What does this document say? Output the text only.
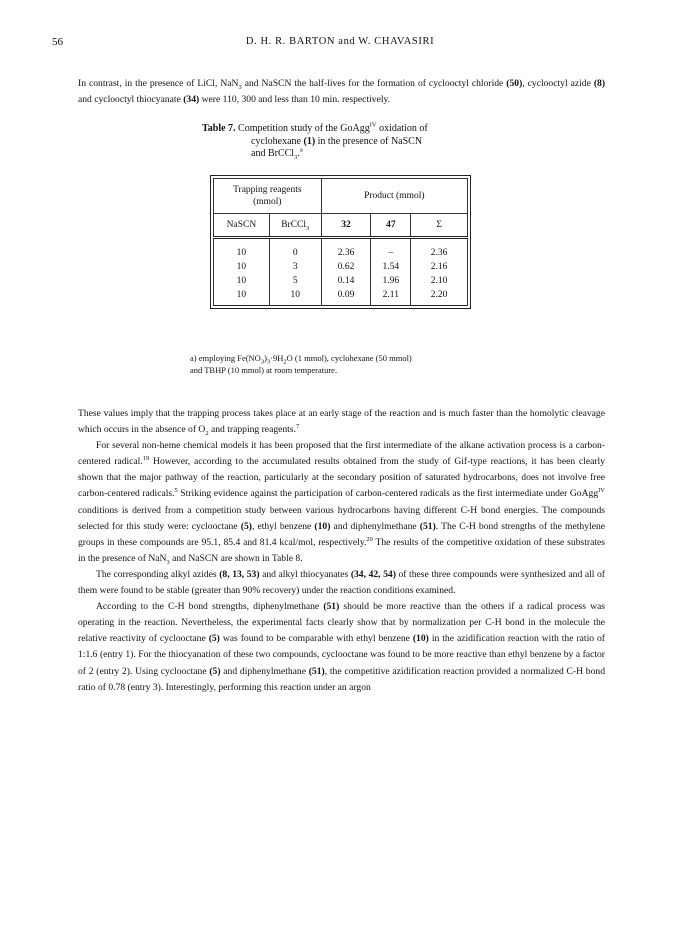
56	D. H. R. BARTON and W. CHAVASIRI

In contrast, in the presence of LiCl, NaN$_3$ and NaSCN the half-lives for the formation of cyclooctyl chloride (50), cyclooctyl azide (8) and cyclooctyl thiocyanate (34) were 110, 300 and less than 10 min. respectively.

Table 7. Competition study of the GoAgg$^{IV}$ oxidation of
cyclohexane (1) in the presence of NaSCN
and BrCCl$_3$.$^a$
Trapping reagents
(mmol)		Product (mmol)		
NaSCN	BrCCl$_3$	32	47	Σ
10	0	2.36	–	2.36
10	3	0.62	1.54	2.16
10	5	0.14	1.96	2.10
10	10	0.09	2.11	2.20
a) employing $Fe(NO_3)_3\cdot 9H_2O$ (1 mmol), cyclohexane (50 mmol)
and TBHP (10 mmol) at room temperature.

These values imply that the trapping process takes place at an early stage of the reaction and is much faster than the homolytic cleavage which occurs in the absence of $O_2$ and trapping reagents.$^7$

For several non-heme chemical models it has been proposed that the first intermediate of the alkane activation process is a carbon-centered radical.$^{19}$ However, according to the accumulated results obtained from the study of Gif-type reactions, it has been clearly shown that the major pathway of the reaction, particularly at the secondary position of saturated hydrocarbons, does not involve free carbon-centered radicals.$^5$ Striking evidence against the participation of carbon-centered radicals as the first intermediate under GoAgg$^{IV}$ conditions is derived from a competition study between various hydrocarbons having different C-H bond energies. The compounds selected for this study were: cyclooctane (5), ethyl benzene (10) and diphenylmethane (51). The C-H bond strengths of the methylene groups in these compounds are 95.1, 85.4 and 81.4 kcal/mol, respectively.$^{20}$ The results of the competitive oxidation of these substrates in the presence of NaN$_3$ and NaSCN are shown in Table 8.

The corresponding alkyl azides (8, 13, 53) and alkyl thiocyanates (34, 42, 54) of these three compounds were synthesized and all of them were found to be stable (greater than 90% recovery) under the reaction conditions examined.

According to the C-H bond strengths, diphenylmethane (51) should be more reactive than the others if a radical process was operating in the reaction. Nevertheless, the experimental facts clearly show that by normalization per C-H bond in the molecule the relative reactivity of cyclooctane (5) was found to be comparable with ethyl benzene (10) in the azidification reaction with the ratio of 1:1.6 (entry 1). For the thiocyanation of these two compounds, cyclooctane was found to be more reactive than ethyl benzene by a factor of 2 (entry 2). Using cyclooctane (5) and diphenylmethane (51), the competitive azidification reaction provided a normalized C-H bond ratio of 0.78 (entry 3). Interestingly, performing this reaction under an argon
